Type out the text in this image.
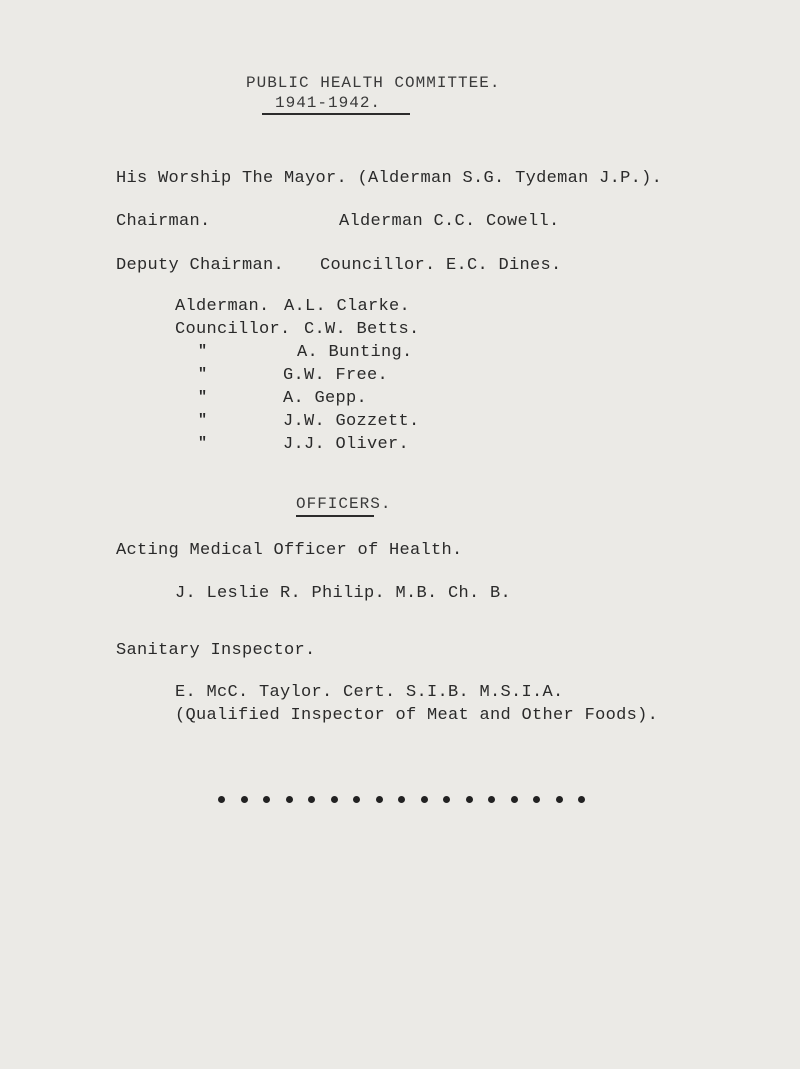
PUBLIC HEALTH COMMITTEE.
1941-1942.
His Worship The Mayor. (Alderman S.G. Tydeman J.P.).
Chairman.	Alderman C.C. Cowell.
Deputy Chairman. Councillor. E.C. Dines.
Alderman. A.L. Clarke.
Councillor. C.W. Betts.
"	A. Bunting.
"	G.W. Free.
"	A. Gepp.
"	J.W. Gozzett.
"	J.J. Oliver.
OFFICERS.
Acting Medical Officer of Health.
J. Leslie R. Philip. M.B. Ch. B.
Sanitary Inspector.
E. McC. Taylor. Cert. S.I.B. M.S.I.A.
(Qualified Inspector of Meat and Other Foods).
